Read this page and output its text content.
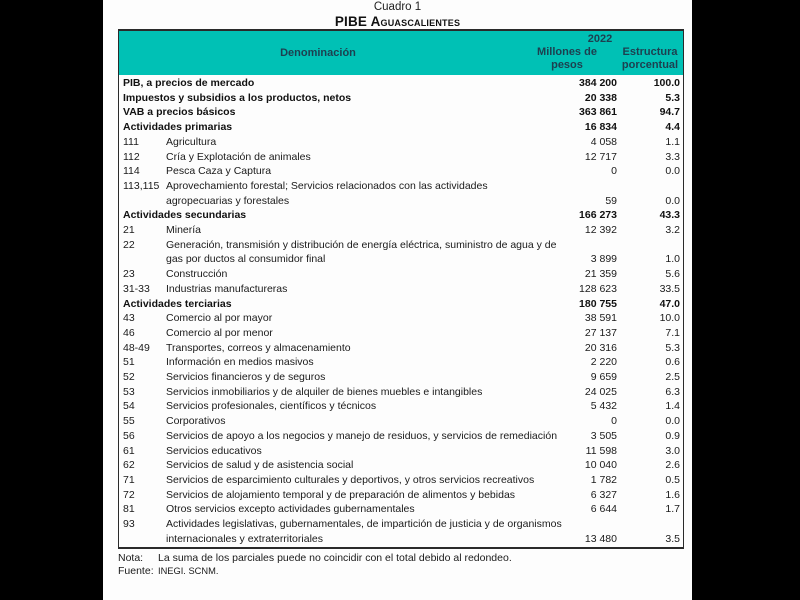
Cuadro 1
PIBE Aguascalientes
Denominación
2022
Millones de
pesos
Estructura
porcentual
PIB, a precios de mercado	384 200	100.0
Impuestos y subsidios a los productos, netos	20 338	5.3
VAB a precios básicos	363 861	94.7
Actividades primarias	16 834	4.4
111	Agricultura	4 058	1.1
112	Cría y Explotación de animales	12 717	3.3
114	Pesca Caza y Captura	0	0.0
113,115 Aprovechamiento forestal; Servicios relacionados con las actividades
agropecuarias y forestales	59	0.0
Actividades secundarias	166 273	43.3
21	Minería	12 392	3.2
22	Generación, transmisión y distribución de energía eléctrica, suministro de agua y de
gas por ductos al consumidor final	3 899	1.0
23	Construcción	21 359	5.6
31-33	Industrias manufactureras	128 623	33.5
Actividades terciarias	180 755	47.0
43	Comercio al por mayor	38 591	10.0
46	Comercio al por menor	27 137	7.1
48-49	Transportes, correos y almacenamiento	20 316	5.3
51	Información en medios masivos	2 220	0.6
52	Servicios financieros y de seguros	9 659	2.5
53	Servicios inmobiliarios y de alquiler de bienes muebles e intangibles	24 025	6.3
54	Servicios profesionales, científicos y técnicos	5 432	1.4
55	Corporativos	0	0.0
56	Servicios de apoyo a los negocios y manejo de residuos, y servicios de remediación	3 505	0.9
61	Servicios educativos	11 598	3.0
62	Servicios de salud y de asistencia social	10 040	2.6
71	Servicios de esparcimiento culturales y deportivos, y otros servicios recreativos	1 782	0.5
72	Servicios de alojamiento temporal y de preparación de alimentos y bebidas	6 327	1.6
81	Otros servicios excepto actividades gubernamentales	6 644	1.7
93	Actividades legislativas, gubernamentales, de impartición de justicia y de organismos
internacionales y extraterritoriales	13 480	3.5
Nota:	La suma de los parciales puede no coincidir con el total debido al redondeo.
Fuente: INEGI. SCNM.
